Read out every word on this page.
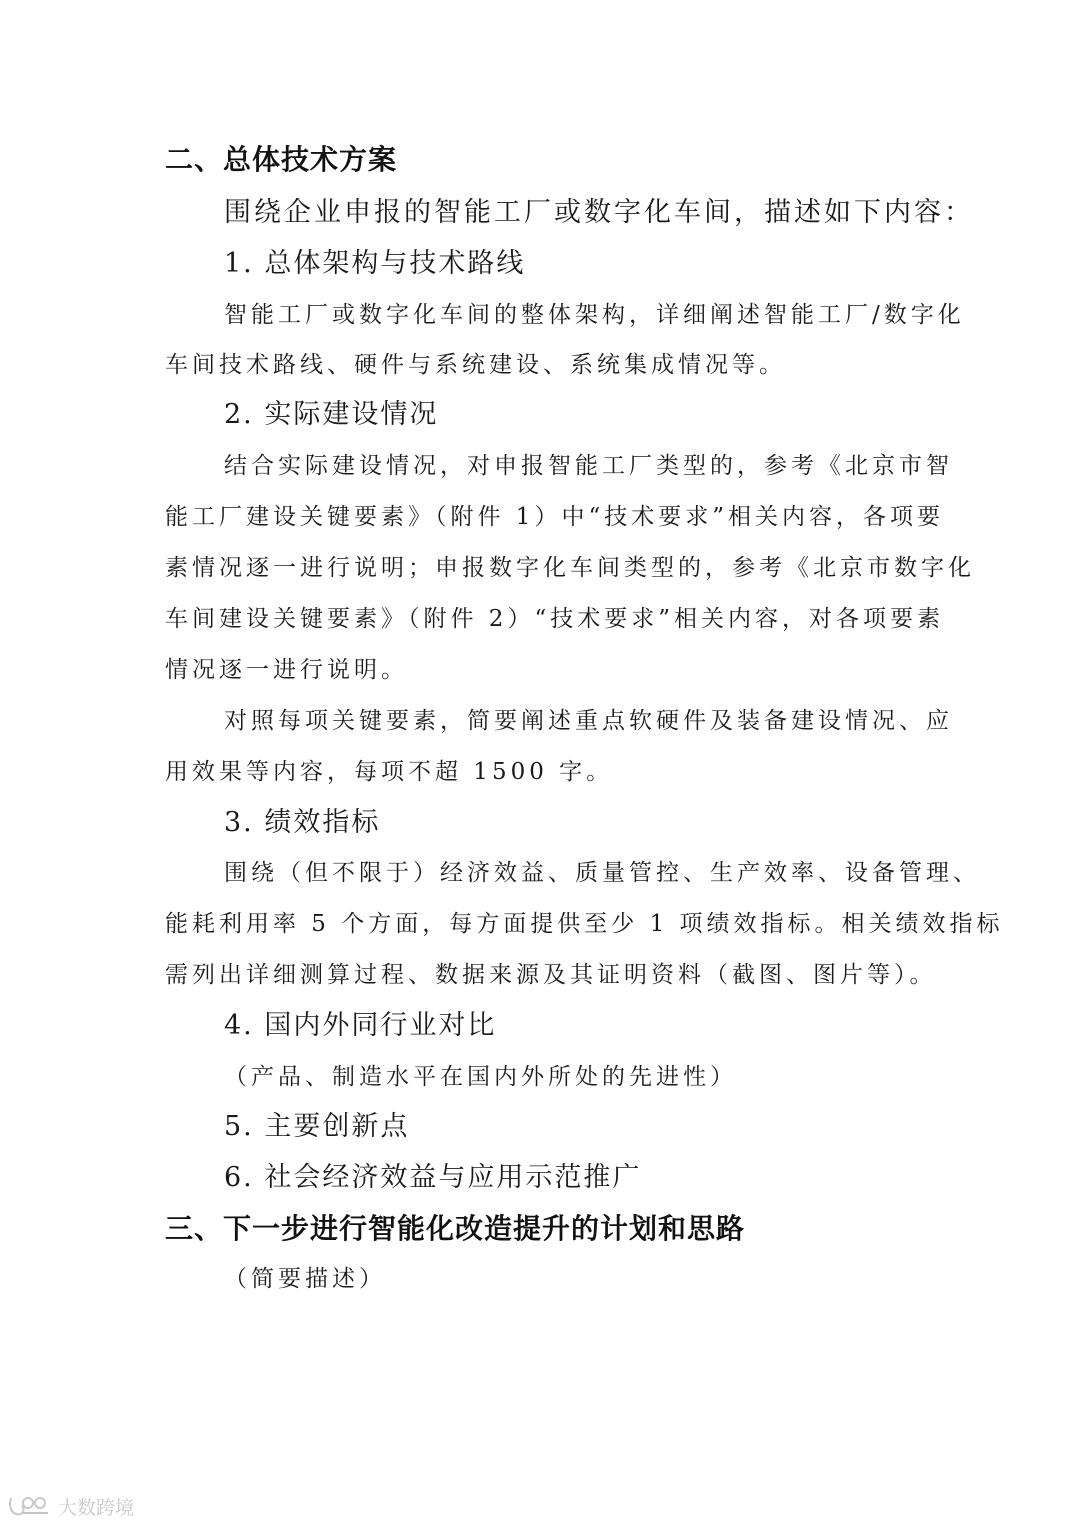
二、总体技术方案
围绕企业申报的智能工厂或数字化车间，描述如下内容：
1. 总体架构与技术路线
智能工厂或数字化车间的整体架构，详细阐述智能工厂/数字化
车间技术路线、硬件与系统建设、系统集成情况等。
2. 实际建设情况
结合实际建设情况，对申报智能工厂类型的，参考《北京市智
能工厂建设关键要素》（附件 1）中“技术要求”相关内容，各项要
素情况逐一进行说明；申报数字化车间类型的，参考《北京市数字化
车间建设关键要素》（附件 2）“技术要求”相关内容，对各项要素
情况逐一进行说明。
对照每项关键要素，简要阐述重点软硬件及装备建设情况、应
用效果等内容，每项不超 1500 字。
3. 绩效指标
围绕（但不限于）经济效益、质量管控、生产效率、设备管理、
能耗利用率 5 个方面，每方面提供至少 1 项绩效指标。相关绩效指标
需列出详细测算过程、数据来源及其证明资料（截图、图片等）。
4. 国内外同行业对比
（产品、制造水平在国内外所处的先进性）
5. 主要创新点
6. 社会经济效益与应用示范推广
三、下一步进行智能化改造提升的计划和思路
（简要描述）
大数跨境
